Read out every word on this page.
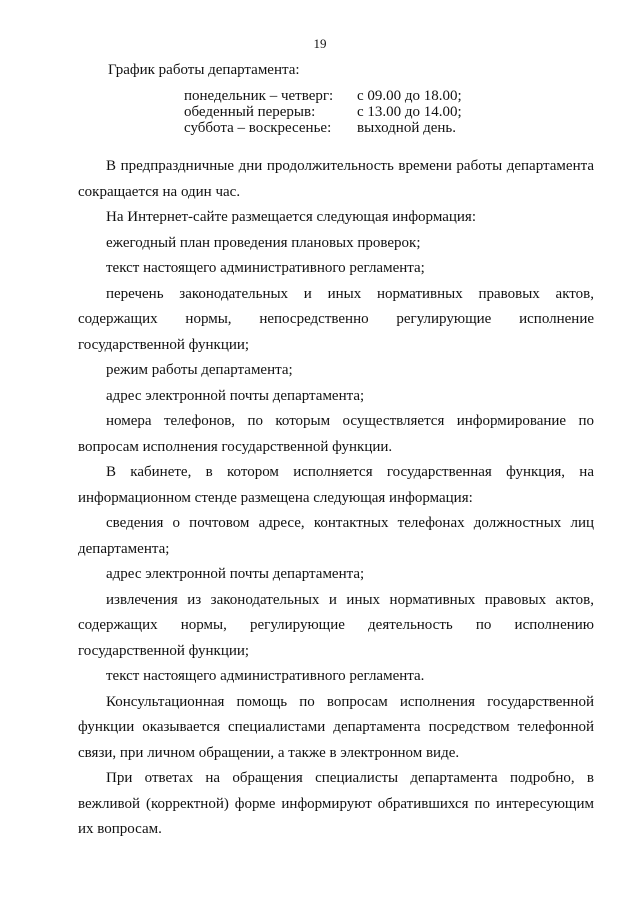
19
График работы департамента:
понедельник – четверг:	с 09.00 до 18.00;
обеденный перерыв:	с 13.00 до 14.00;
суббота – воскресенье:	выходной день.

В предпраздничные дни продолжительность времени работы департамента сокращается на один час.

На Интернет-сайте размещается следующая информация:

ежегодный план проведения плановых проверок;

текст настоящего административного регламента;

перечень законодательных и иных нормативных правовых актов, содержащих нормы, непосредственно регулирующие исполнение государственной функции;

режим работы департамента;

адрес электронной почты департамента;

номера телефонов, по которым осуществляется информирование по вопросам исполнения государственной функции.

В кабинете, в котором исполняется государственная функция, на информационном стенде размещена следующая информация:

сведения о почтовом адресе, контактных телефонах должностных лиц департамента;

адрес электронной почты департамента;

извлечения из законодательных и иных нормативных правовых актов, содержащих нормы, регулирующие деятельность по исполнению государственной функции;

текст настоящего административного регламента.

Консультационная помощь по вопросам исполнения государственной функции оказывается специалистами департамента посредством телефонной связи, при личном обращении, а также в электронном виде.

При ответах на обращения специалисты департамента подробно, в вежливой (корректной) форме информируют обратившихся по интересующим их вопросам.
